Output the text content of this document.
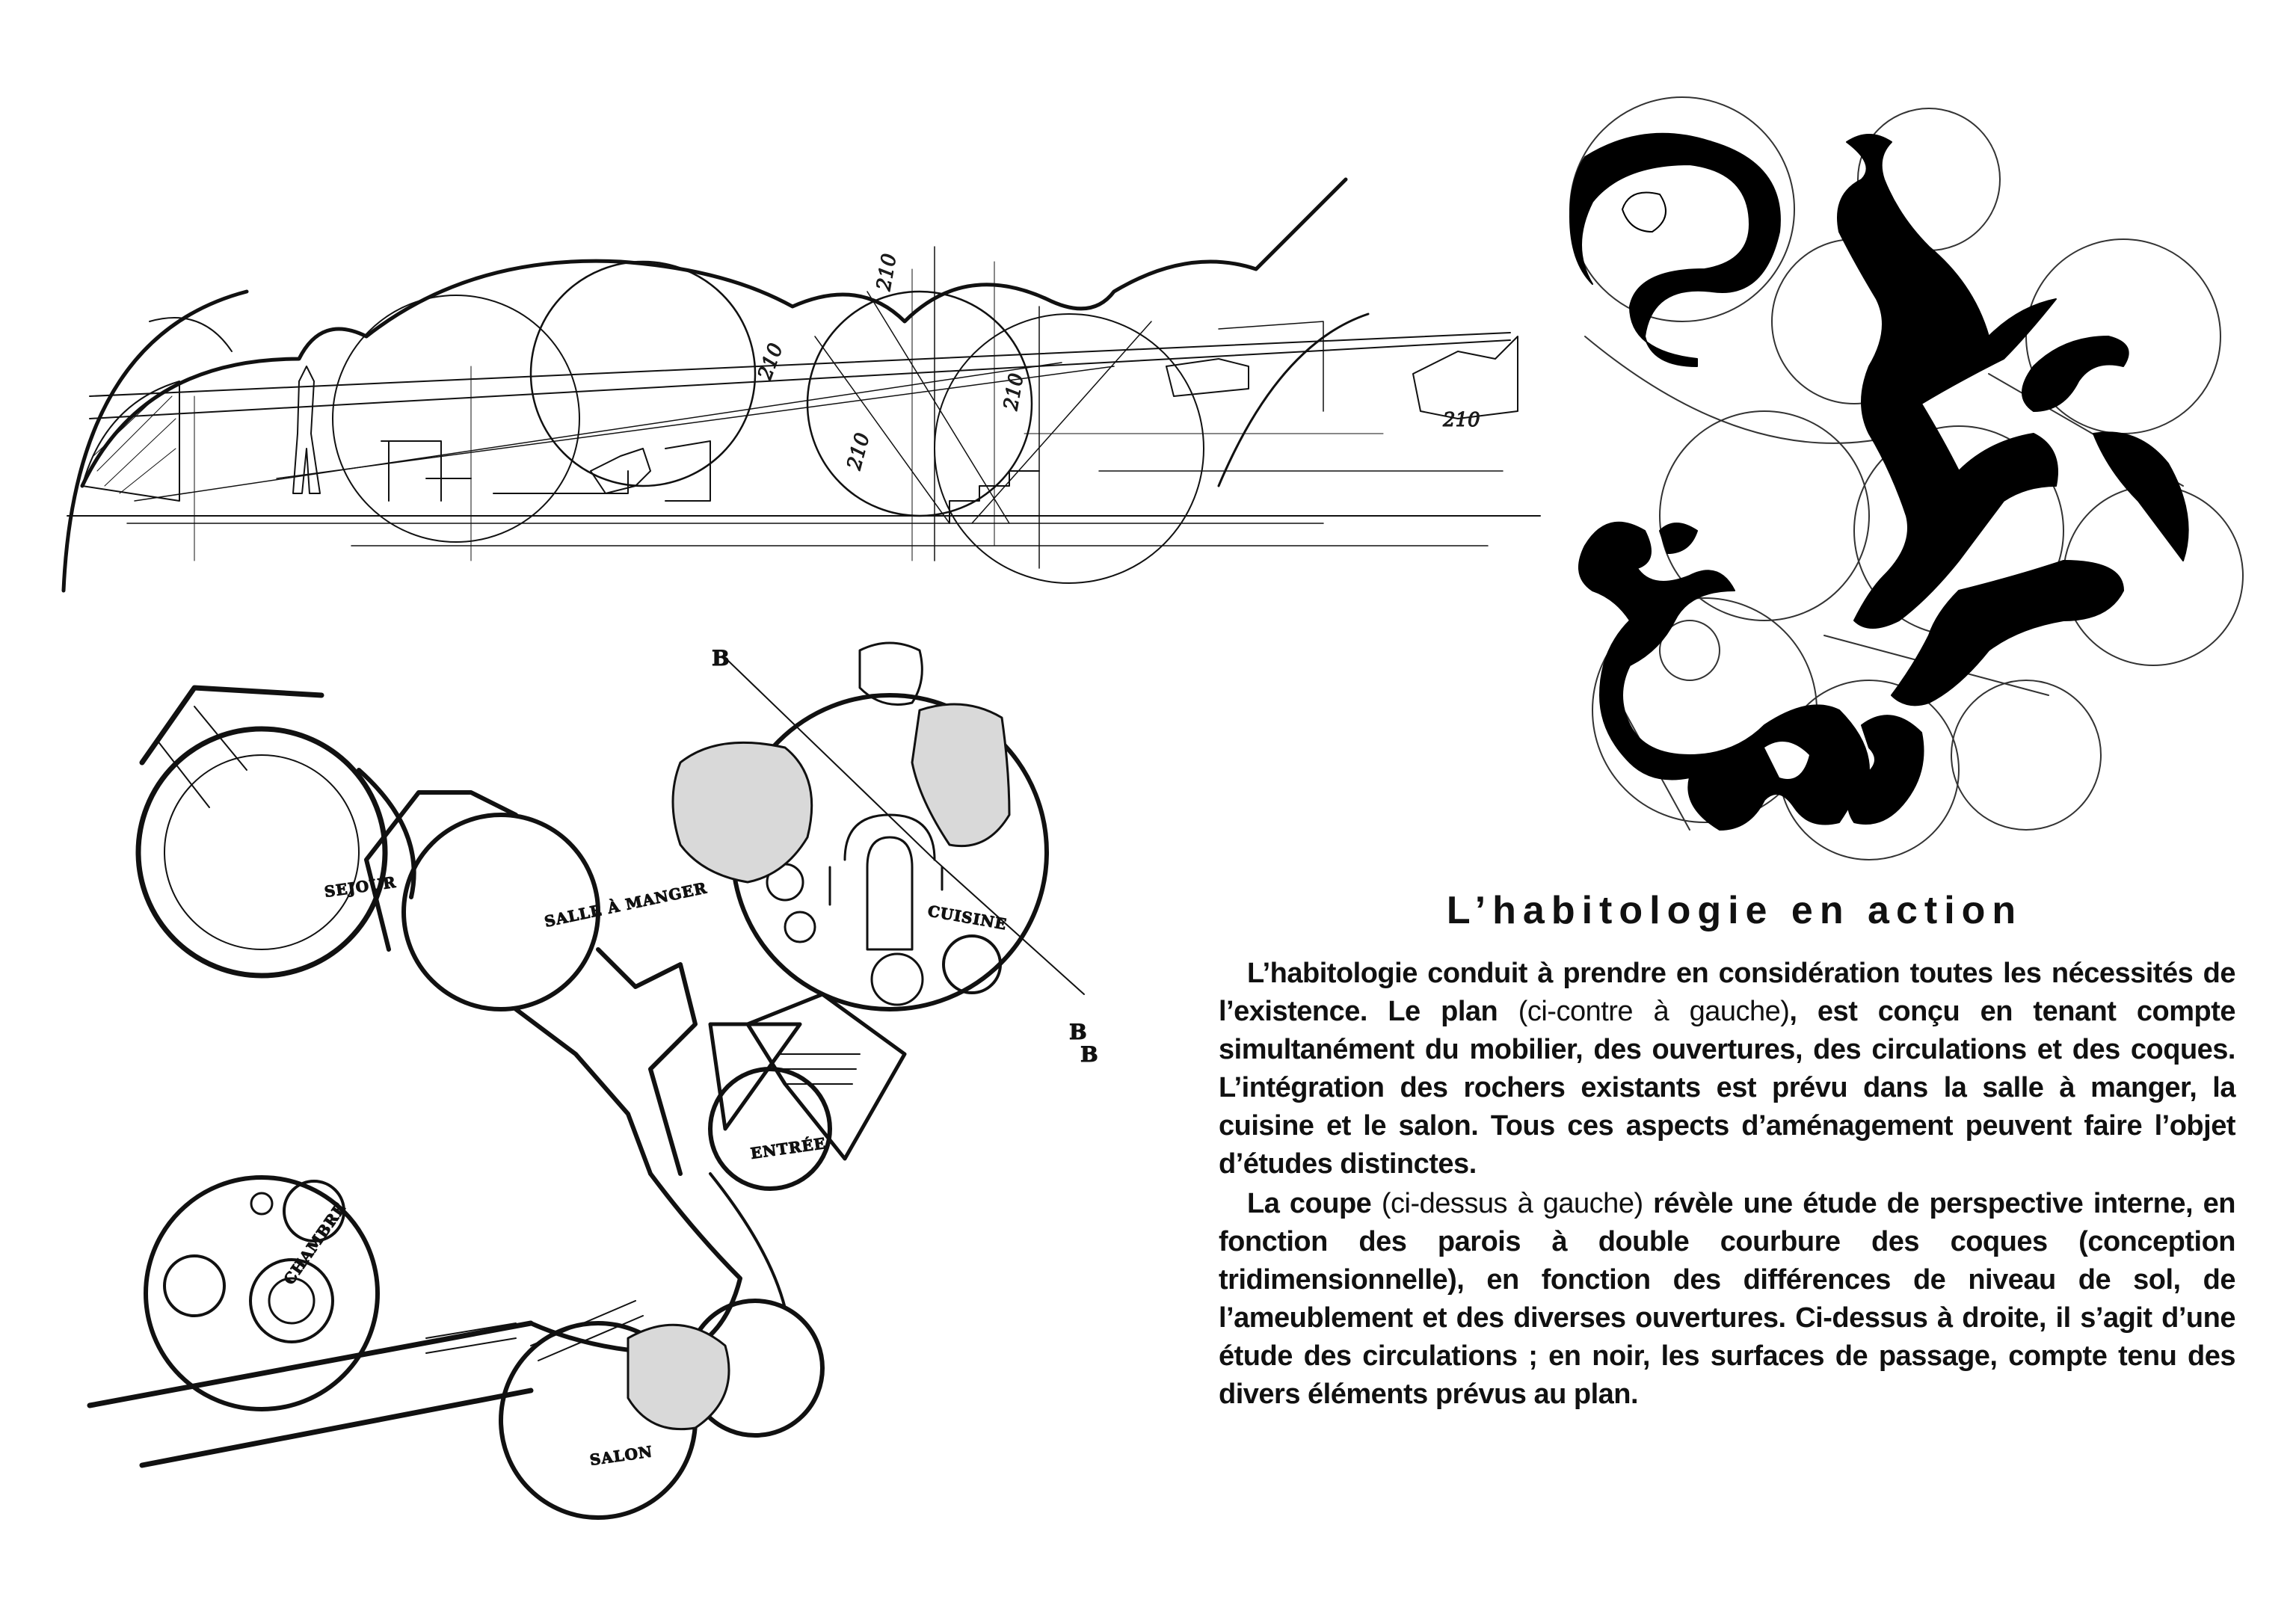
210
210
210
210
210
B
B
B
SEJOUR	SALLE À MANGER	CUISINE
ENTRÉE
CHAMBRE
SALON
L’habitologie en action

L’habitologie conduit à prendre en considération toutes les nécessités de l’existence. Le plan (ci-contre à gauche), est conçu en tenant compte simultanément du mobilier, des ouvertures, des circulations et des coques. L’intégration des rochers existants est prévu dans la salle à manger, la cuisine et le salon. Tous ces aspects d’aménagement peuvent faire l’objet d’études distinctes.

La coupe (ci-dessus à gauche) révèle une étude de perspective interne, en fonction des parois à double courbure des coques (conception tridimensionnelle), en fonction des différences de niveau de sol, de l’ameublement et des diverses ouvertures. Ci-dessus à droite, il s’agit d’une étude des circulations ; en noir, les surfaces de passage, compte tenu des divers éléments prévus au plan.
